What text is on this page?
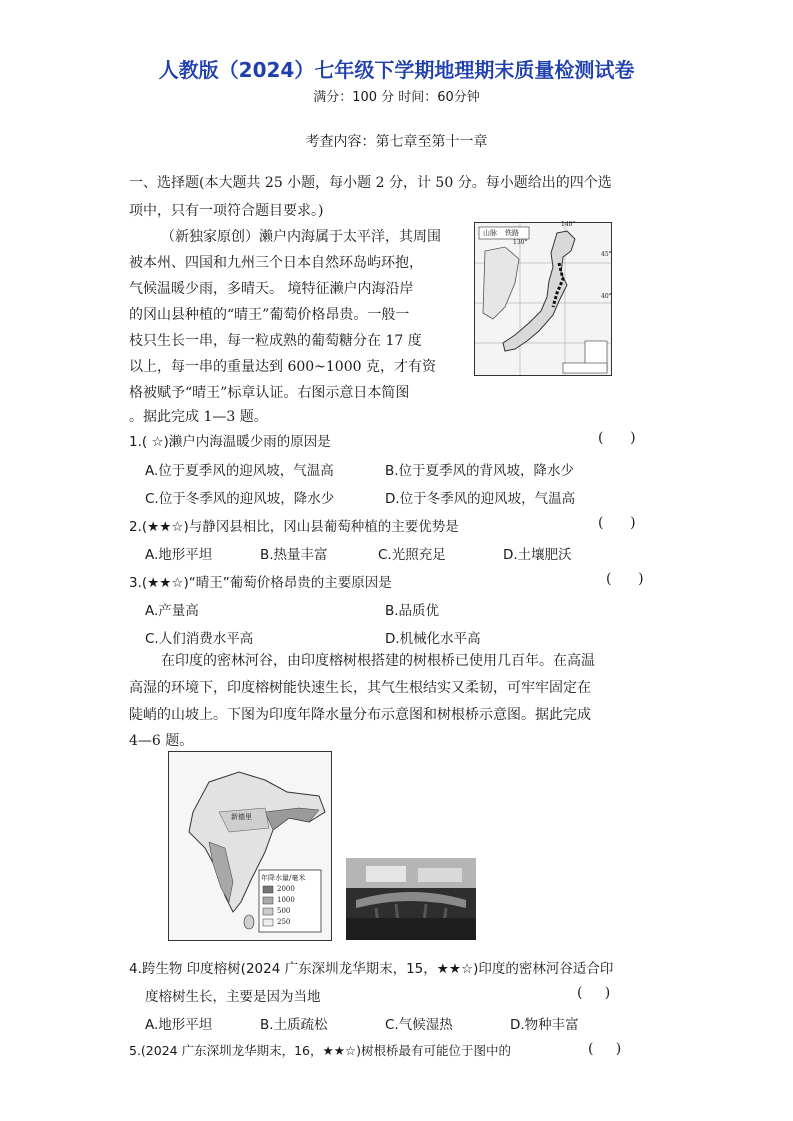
人教版（2024）七年级下学期地理期末质量检测试卷
满分：100 分 时间：60分钟
考查内容：第七章至第十一章
一、选择题(本大题共 25 小题，每小题 2 分，计 50 分。每小题给出的四个选
项中，只有一项符合题目要求。)
（新独家原创）濑户内海属于太平洋，其周围
被本州、四国和九州三个日本自然环岛屿环抱，
气候温暖少雨，多晴天。 境特征濑户内海沿岸
的冈山县种植的“晴王”葡萄价格昂贵。一般一
枝只生长一串，每一粒成熟的葡萄糖分在 17 度
以上，每一串的重量达到 600~1000 克，才有资
格被赋予“晴王”标章认证。右图示意日本简图
。据此完成 1—3 题。
山脉 铁路
140°
130°
45°
40°
1.( ☆)濑户内海温暖少雨的原因是	(      )
A.位于夏季风的迎风坡，气温高	B.位于夏季风的背风坡，降水少
C.位于冬季风的迎风坡，降水少	D.位于冬季风的迎风坡，气温高
2.(★★☆)与静冈县相比，冈山县葡萄种植的主要优势是	(      )
A.地形平坦	B.热量丰富	C.光照充足	D.土壤肥沃
3.(★★☆)“晴王”葡萄价格昂贵的主要原因是	(      )
A.产量高	B.品质优
C.人们消费水平高	D.机械化水平高
在印度的密林河谷，由印度榕树根搭建的树根桥已使用几百年。在高温
高湿的环境下，印度榕树能快速生长，其气生根结实又柔韧，可牢牢固定在
陡峭的山坡上。下图为印度年降水量分布示意图和树根桥示意图。据此完成
4—6 题。
年降水量/毫米
2000
1000
500
250
新德里
4.跨生物 印度榕树(2024 广东深圳龙华期末，15，★★☆)印度的密林河谷适合印
度榕树生长，主要是因为当地	(     )
A.地形平坦	B.土质疏松	C.气候湿热	D.物种丰富
5.(2024 广东深圳龙华期末，16，★★☆)树根桥最有可能位于图中的	(     )
